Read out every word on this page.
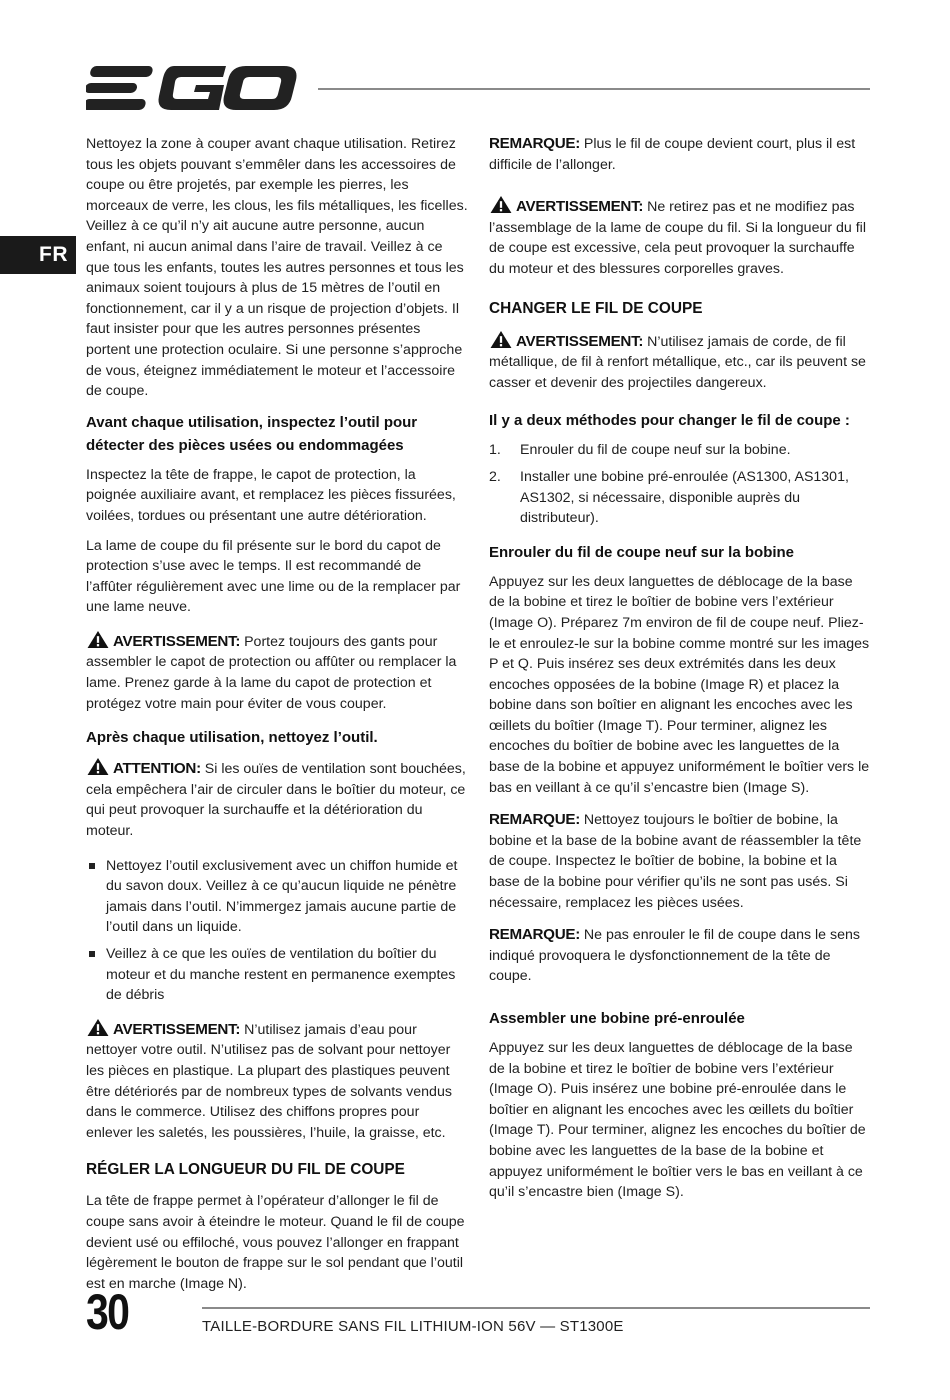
FR

Nettoyez la zone à couper avant chaque utilisation. Retirez tous les objets pouvant s’emmêler dans les accessoires de coupe ou être projetés, par exemple les pierres, les morceaux de verre, les clous, les fils métalliques, les ficelles. Veillez à ce qu’il n’y ait aucune autre personne, aucun enfant, ni aucun animal dans l’aire de travail. Veillez à ce que tous les enfants, toutes les autres personnes et tous les animaux soient toujours à plus de 15 mètres de l’outil en fonctionnement, car il y a un risque de projection d’objets. Il faut insister pour que les autres personnes présentes portent une protection oculaire. Si une personne s’approche de vous, éteignez immédiatement le moteur et l’accessoire de coupe.

Avant chaque utilisation, inspectez l’outil pour détecter des pièces usées ou endommagées

Inspectez la tête de frappe, le capot de protection, la poignée auxiliaire avant, et remplacez les pièces fissurées, voilées, tordues ou présentant une autre détérioration.

La lame de coupe du fil présente sur le bord du capot de protection s’use avec le temps. Il est recommandé de l’affûter régulièrement avec une lime ou de la remplacer par une lame neuve.

AVERTISSEMENT: Portez toujours des gants pour assembler le capot de protection ou affûter ou remplacer la lame. Prenez garde à la lame du capot de protection et protégez votre main pour éviter de vous couper.

Après chaque utilisation, nettoyez l’outil.

ATTENTION: Si les ouïes de ventilation sont bouchées, cela empêchera l’air de circuler dans le boîtier du moteur, ce qui peut provoquer la surchauffe et la détérioration du moteur.

Nettoyez l’outil exclusivement avec un chiffon humide et du savon doux. Veillez à ce qu’aucun liquide ne pénètre jamais dans l’outil. N’immergez jamais aucune partie de l’outil dans un liquide.
Veillez à ce que les ouïes de ventilation du boîtier du moteur et du manche restent en permanence exemptes de débris

AVERTISSEMENT: N’utilisez jamais d’eau pour nettoyer votre outil. N’utilisez pas de solvant pour nettoyer les pièces en plastique. La plupart des plastiques peuvent être détériorés par de nombreux types de solvants vendus dans le commerce. Utilisez des chiffons propres pour enlever les saletés, les poussières, l’huile, la graisse, etc.

RÉGLER LA LONGUEUR DU FIL DE COUPE

La tête de frappe permet à l’opérateur d’allonger le fil de coupe sans avoir à éteindre le moteur. Quand le fil de coupe devient usé ou effiloché, vous pouvez l’allonger en frappant légèrement le bouton de frappe sur le sol pendant que l’outil est en marche (Image N).

REMARQUE: Plus le fil de coupe devient court, plus il est difficile de l’allonger.

AVERTISSEMENT: Ne retirez pas et ne modifiez pas l’assemblage de la lame de coupe du fil. Si la longueur du fil de coupe est excessive, cela peut provoquer la surchauffe du moteur et des blessures corporelles graves.

CHANGER LE FIL DE COUPE

AVERTISSEMENT: N’utilisez jamais de corde, de fil métallique, de fil à renfort métallique, etc., car ils peuvent se casser et devenir des projectiles dangereux.

Il y a deux méthodes pour changer le fil de coupe :
1. Enrouler du fil de coupe neuf sur la bobine.
2. Installer une bobine pré-enroulée (AS1300, AS1301, AS1302, si nécessaire, disponible auprès du distributeur).
Enrouler du fil de coupe neuf sur la bobine

Appuyez sur les deux languettes de déblocage de la base de la bobine et tirez le boîtier de bobine vers l’extérieur (Image O). Préparez 7m environ de fil de coupe neuf. Pliez-le et enroulez-le sur la bobine comme montré sur les images P et Q. Puis insérez ses deux extrémités dans les deux encoches opposées de la bobine (Image R) et placez la bobine dans son boîtier en alignant les encoches avec les œillets du boîtier (Image T). Pour terminer, alignez les encoches du boîtier de bobine avec les languettes de la base de la bobine et appuyez uniformément le boîtier vers le bas en veillant à ce qu’il s’encastre bien (Image S).

REMARQUE: Nettoyez toujours le boîtier de bobine, la bobine et la base de la bobine avant de réassembler la tête de coupe. Inspectez le boîtier de bobine, la bobine et la base de la bobine pour vérifier qu’ils ne sont pas usés. Si nécessaire, remplacez les pièces usées.

REMARQUE: Ne pas enrouler le fil de coupe dans le sens indiqué provoquera le dysfonctionnement de la tête de coupe.

Assembler une bobine pré-enroulée

Appuyez sur les deux languettes de déblocage de la base de la bobine et tirez le boîtier de bobine vers l’extérieur (Image O). Puis insérez une bobine pré-enroulée dans le boîtier en alignant les encoches avec les œillets du boîtier (Image T). Pour terminer, alignez les encoches du boîtier de bobine avec les languettes de la base de la bobine et appuyez uniformément le boîtier vers le bas en veillant à ce qu’il s’encastre bien (Image S).

30	TAILLE-BORDURE SANS FIL LITHIUM-ION 56V — ST1300E
